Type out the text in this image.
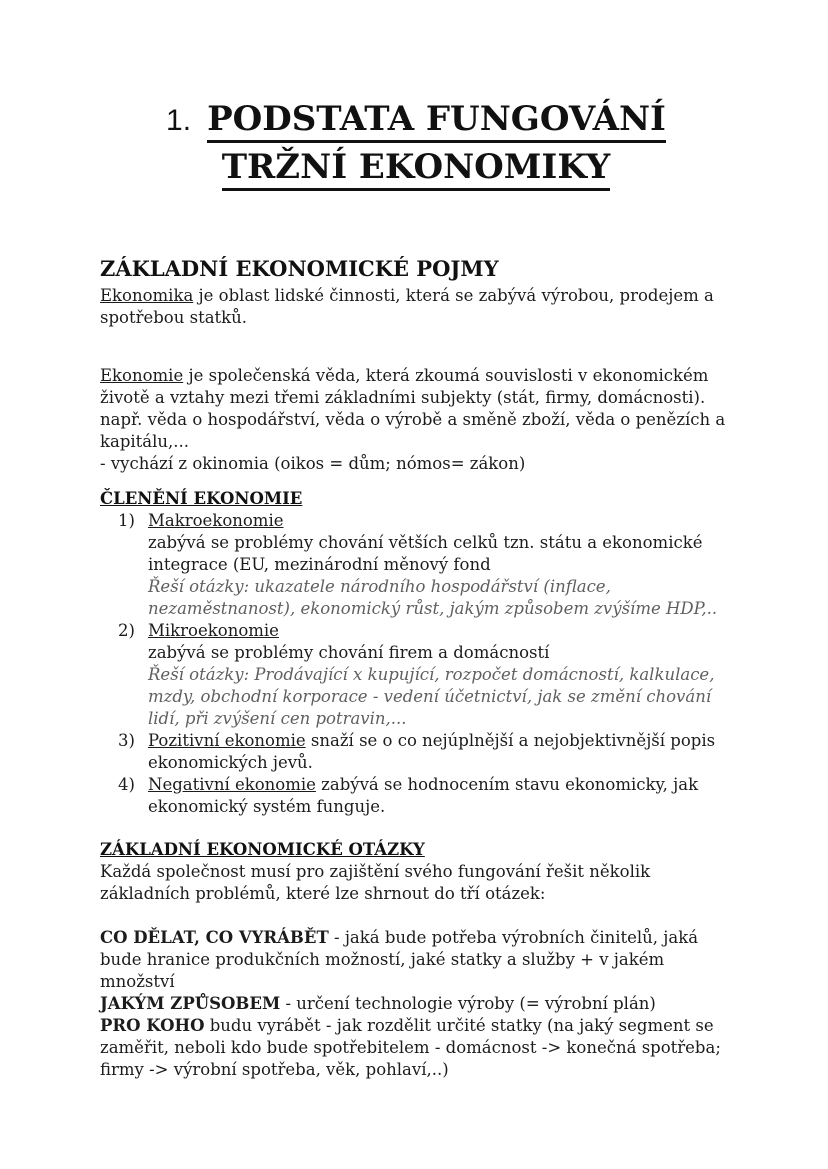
1. PODSTATA FUNGOVÁNÍ
TRŽNÍ EKONOMIKY
ZÁKLADNÍ EKONOMICKÉ POJMY

Ekonomika je oblast lidské činnosti, která se zabývá výrobou, prodejem a spotřebou statků.

Ekonomie je společenská věda, která zkoumá souvislosti v ekonomickém životě a vztahy mezi třemi základními subjekty (stát, firmy, domácnosti).

např. věda o hospodářství, věda o výrobě a směně zboží, věda o penězích a kapitálu,...

- vychází z okinomia (oikos = dům; nómos= zákon)

ČLENĚNÍ EKONOMIE
1) Makroekonomie
zabývá se problémy chování větších celků tzn. státu a ekonomické integrace (EU, mezinárodní měnový fond
Řeší otázky: ukazatele národního hospodářství (inflace, nezaměstnanost), ekonomický růst, jakým způsobem zvýšíme HDP,..
2) Mikroekonomie
zabývá se problémy chování firem a domácností
Řeší otázky: Prodávající x kupující, rozpočet domácností, kalkulace, mzdy, obchodní korporace - vedení účetnictví, jak se změní chování lidí, při zvýšení cen potravin,...
3) Pozitivní ekonomie snaží se o co nejúplnější a nejobjektivnější popis ekonomických jevů.
4) Negativní ekonomie zabývá se hodnocením stavu ekonomicky, jak ekonomický systém funguje.
ZÁKLADNÍ EKONOMICKÉ OTÁZKY

Každá společnost musí pro zajištění svého fungování řešit několik základních problémů, které lze shrnout do tří otázek:

CO DĚLAT, CO VYRÁBĚT - jaká bude potřeba výrobních činitelů, jaká bude hranice produkčních možností, jaké statky a služby + v jakém množství

JAKÝM ZPŮSOBEM - určení technologie výroby (= výrobní plán)

PRO KOHO budu vyrábět - jak rozdělit určité statky (na jaký segment se zaměřit, neboli kdo bude spotřebitelem - domácnost -> konečná spotřeba; firmy -> výrobní spotřeba, věk, pohlaví,..)
